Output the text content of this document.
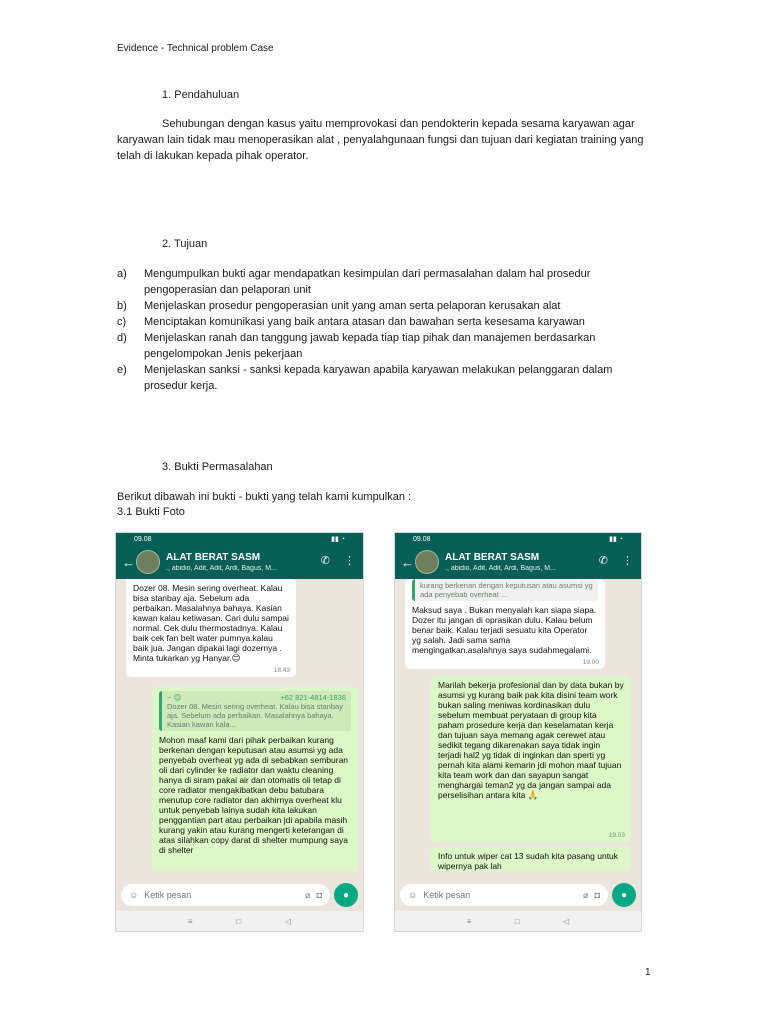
Evidence - Technical problem Case
1. Pendahuluan
Sehubungan dengan kasus yaitu memprovokasi dan pendokterin kepada sesama karyawan agar karyawan lain tidak mau menoperasikan alat , penyalahgunaan fungsi dan tujuan dari kegiatan training yang telah di lakukan kepada pihak operator.
2. Tujuan
a)	Mengumpulkan bukti agar mendapatkan kesimpulan dari permasalahan dalam hal prosedur pengoperasian dan pelaporan unit
b)	Menjelaskan prosedur pengoperasian unit yang aman serta pelaporan kerusakan alat
c)	Menciptakan komunikasi yang baik antara atasan dan bawahan serta kesesama karyawan
d)	Menjelaskan ranah dan tanggung jawab kepada tiap tiap pihak dan manajemen berdasarkan pengelompokan Jenis pekerjaan
e)	Menjelaskan sanksi - sanksi kepada karyawan apabila karyawan melakukan pelanggaran dalam prosedur kerja.
3. Bukti Permasalahan
Berikut dibawah ini bukti - bukti yang telah kami kumpulkan :
3.1 Bukti Foto
09.08	▮▮ ◔
←	ALAT BERAT SASM
., abidio, Adit, Adit, Ardi, Bagus, M...
✆ ⋮
Dozer 08. Mesin sering overheat. Kalau bisa stanbay aja. Sebelum ada perbaikan. Masalahnya bahaya. Kasian kawan kalau ketiwasan. Cari dulu sampai normal. Cek dulu thermostadnya. Kalau baik cek fan belt water pumnya.kalau baik jua. Jangan dipakai lagi dozernya . Minta tukarkan yg Hanyar.😊
18.43
~ 😊	+62 821-4814-1836
Dozer 08. Mesin sering overheat. Kalau bisa stanbay aja. Sebelum ada perbaikan. Masalahnya bahaya. Kasian kawan kala...
Mohon maaf kami dari pihak perbaikan kurang berkenan dengan keputusan atau asumsi yg ada penyebab overheat yg ada di sebabkan semburan oli dari cylinder ke radiator dan waktu cleaning hanya di siram pakai air dan otomatis oli tetap di core radiator mengakibatkan debu batubara menutup core radiator dan akhirnya overheat klu untuk penyebab lainya sudah kita lakukan penggantian part atau perbaikan jdi apabila masih kurang yakin atau kurang mengerti keterangan di atas silahkan copy darat di shelter mumpung saya di shelter
☺ Ketik pesan	⌀ ◘ ●
≡	□	◁
09.08	▮▮ ◔
←	ALAT BERAT SASM
., abidio, Adit, Adit, Ardi, Bagus, M...
✆ ⋮
kurang berkenan dengan keputusan atau asumsi yg ada penyebab overheat ...
Maksud saya . Bukan menyalah kan siapa siapa. Dozer itu jangan di oprasikan dulu. Kalau belum benar baik. Kalau terjadi sesuatu kita Operator yg salah. Jadi sama sama mengingatkan.asalahnya saya sudahmegalami.
19.00
Marilah bekerja profesional dan by data bukan by asumsi yg kurang baik pak kita disini team work bukan saling meniwas kordinasikan dulu sebelum membuat peryataan di group kita paham prosedure kerja dan keselamatan kerja dan tujuan saya memang agak cerewet atau sedikit tegang dikarenakan saya tidak ingin terjadi hal2 yg tidak di inginkan dan sperti yg pernah kita alami kemarin jdi mohon maaf tujuan kita team work dan dan sayapun sangat menghargai teman2 yg da jangan sampai ada perselisihan antara kita 🙏
19.03
Info untuk wiper cat 13 sudah kita pasang untuk wipernya pak lah
☺ Ketik pesan	⌀ ◘ ●
≡	□	◁
1
